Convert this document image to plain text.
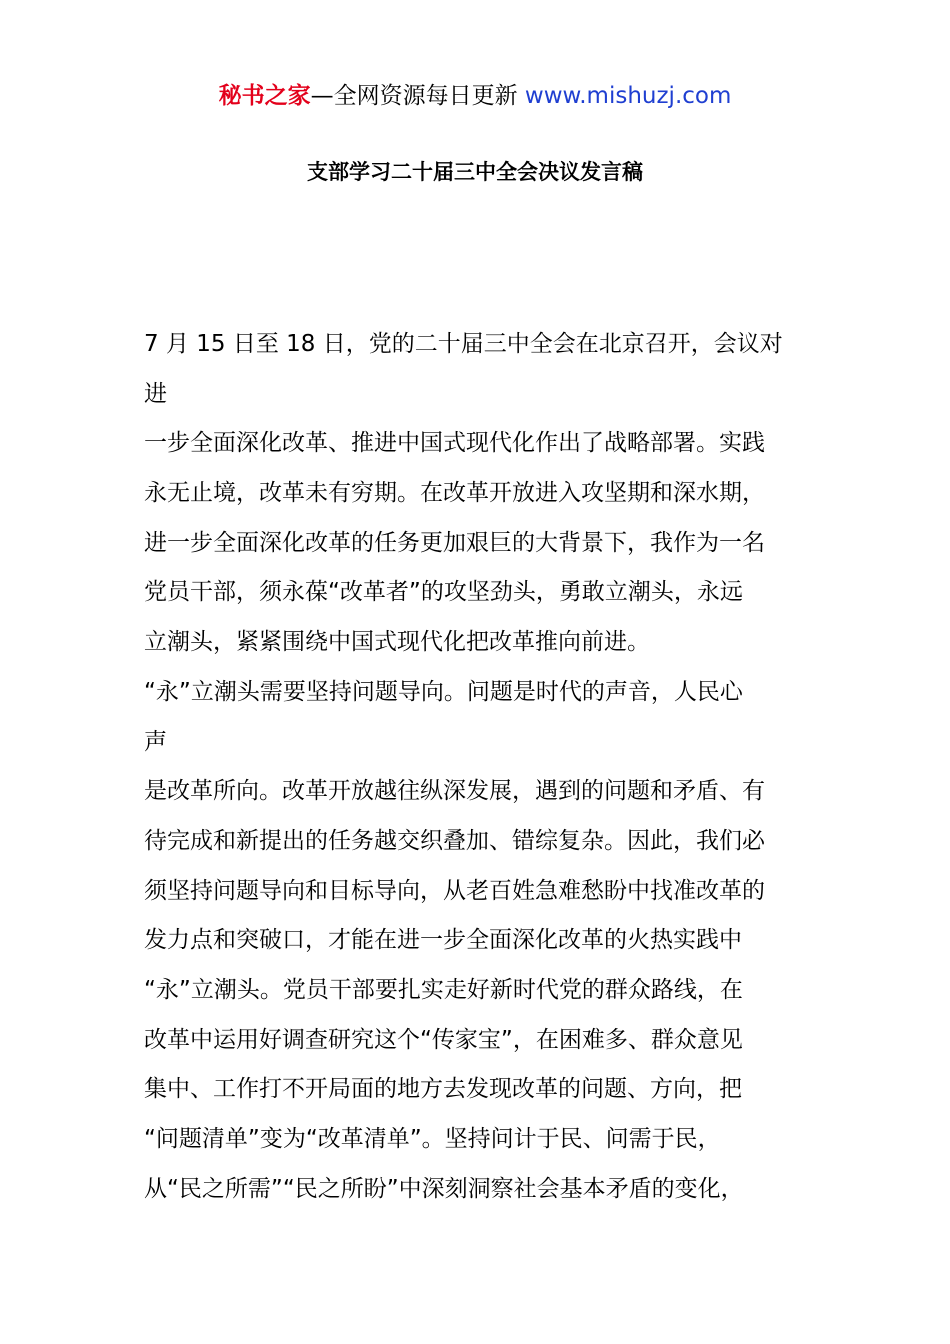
秘书之家—全网资源每日更新 www.mishuzj.com
支部学习二十届三中全会决议发言稿
7 月 15 日至 18 日，党的二十届三中全会在北京召开，会议对
进
一步全面深化改革、推进中国式现代化作出了战略部署。实践
永无止境，改革未有穷期。在改革开放进入攻坚期和深水期，
进一步全面深化改革的任务更加艰巨的大背景下，我作为一名
党员干部，须永葆“改革者”的攻坚劲头，勇敢立潮头，永远
立潮头，紧紧围绕中国式现代化把改革推向前进。
“永”立潮头需要坚持问题导向。问题是时代的声音，人民心
声
是改革所向。改革开放越往纵深发展，遇到的问题和矛盾、有
待完成和新提出的任务越交织叠加、错综复杂。因此，我们必
须坚持问题导向和目标导向，从老百姓急难愁盼中找准改革的
发力点和突破口，才能在进一步全面深化改革的火热实践中
“永”立潮头。党员干部要扎实走好新时代党的群众路线，在
改革中运用好调查研究这个“传家宝”，在困难多、群众意见
集中、工作打不开局面的地方去发现改革的问题、方向，把
“问题清单”变为“改革清单”。坚持问计于民、问需于民，
从“民之所需”“民之所盼”中深刻洞察社会基本矛盾的变化，
